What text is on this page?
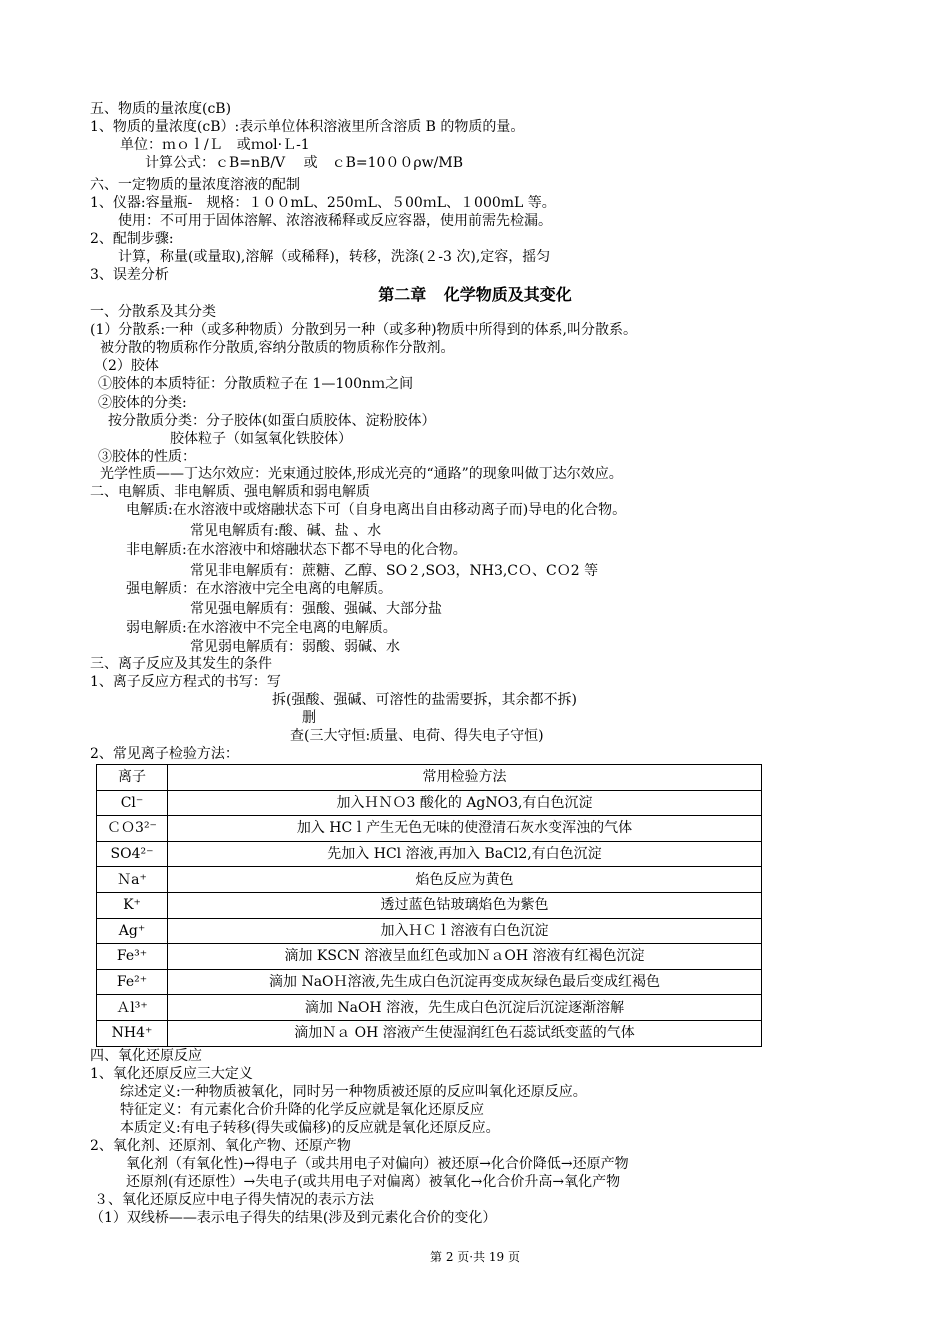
五、物质的量浓度(cB)
1、物质的量浓度(cB）:表示单位体积溶液里所含溶质 B 的物质的量。
单位：ｍｏｌ/Ｌ　或ｍol·Ｌ-1
计算公式：ｃB=nB/V　 或　ｃB=10００ρw/MB
六、一定物质的量浓度溶液的配制
1、仪器:容量瓶-　规格：１００mL、250ｍL、５00ｍL、１000mL 等。
使用：不可用于固体溶解、浓溶液稀释或反应容器，使用前需先检漏。
2、配制步骤:
计算，称量(或量取),溶解（或稀释)，转移，洗涤(２-3 次),定容，摇匀
3、误差分析
第二章 化学物质及其变化
一、分散系及其分类
(1）分散系:一种（或多种物质）分散到另一种（或多种)物质中所得到的体系,叫分散系。
被分散的物质称作分散质,容纳分散质的物质称作分散剂。
（2）胶体
①胶体的本质特征：分散质粒子在 1—100nｍ之间
②胶体的分类:
按分散质分类：分子胶体(如蛋白质胶体、淀粉胶体）
胶体粒子（如氢氧化铁胶体）
③胶体的性质：
光学性质——丁达尔效应：光束通过胶体,形成光亮的“通路”的现象叫做丁达尔效应。
二、电解质、非电解质、强电解质和弱电解质
电解质:在水溶液中或熔融状态下可（自身电离出自由移动离子而)导电的化合物。
常见电解质有:酸、碱、盐 、水
非电解质:在水溶液中和熔融状态下都不导电的化合物。
常见非电解质有：蔗糖、乙醇、SO２,SO3，NH3,CＯ、CＯ2 等
强电解质：在水溶液中完全电离的电解质。
常见强电解质有：强酸、强碱、大部分盐
弱电解质:在水溶液中不完全电离的电解质。
常见弱电解质有：弱酸、弱碱、水
三、离子反应及其发生的条件
1、离子反应方程式的书写：写
拆(强酸、强碱、可溶性的盐需要拆，其余都不拆)
删
查(三大守恒:质量、电荷、得失电子守恒)
2、常见离子检验方法：
离子	常用检验方法
Cl⁻	加入ＨＮＯ3 酸化的 AgNO3,有白色沉淀
ＣＯ3²⁻	加入 HCｌ产生无色无味的使澄清石灰水变浑浊的气体
SO4²⁻	先加入 HCl 溶液,再加入 BaCl2,有白色沉淀
Ｎa⁺	焰色反应为黄色
K⁺	透过蓝色钴玻璃焰色为紫色
Ag⁺	加入ＨＣｌ溶液有白色沉淀
Fe³⁺	滴加 KSCN 溶液呈血红色或加ＮａOH 溶液有红褐色沉淀
Fe²⁺	滴加 NaOＨ溶液,先生成白色沉淀再变成灰绿色最后变成红褐色
Ａl³⁺	滴加 NaOH 溶液，先生成白色沉淀后沉淀逐渐溶解
NH4⁺	滴加Ｎａ OH 溶液产生使湿润红色石蕊试纸变蓝的气体
四、氧化还原反应
1、氧化还原反应三大定义
综述定义:一种物质被氧化，同时另一种物质被还原的反应叫氧化还原反应。
特征定义：有元素化合价升降的化学反应就是氧化还原反应
本质定义:有电子转移(得失或偏移)的反应就是氧化还原反应。
2、氧化剂、还原剂、氧化产物、还原产物
氧化剂（有氧化性)→得电子（或共用电子对偏向）被还原→化合价降低→还原产物
还原剂(有还原性）→失电子(或共用电子对偏离）被氧化→化合价升高→氧化产物
３、氧化还原反应中电子得失情况的表示方法
（1）双线桥——表示电子得失的结果(涉及到元素化合价的变化）
第 2 页·共 19 页
